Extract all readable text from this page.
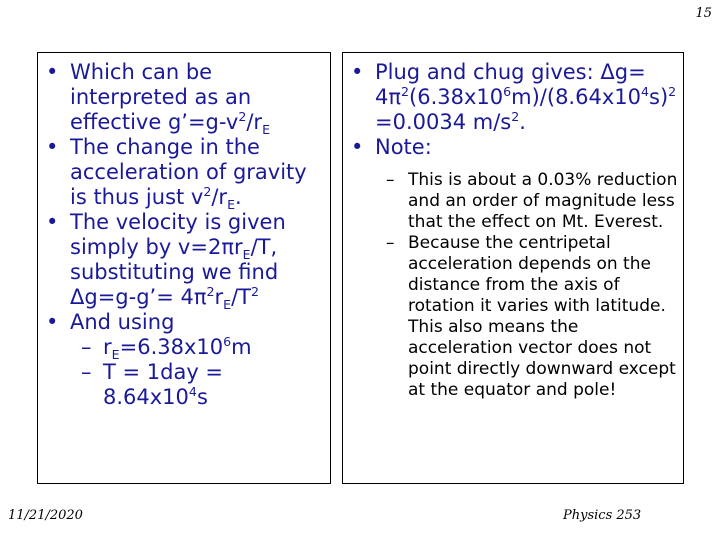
15
• Which can be interpreted as an effective $g’=g-v^2/r_E$
• The change in the acceleration of gravity is thus just $v^2/r_E$.
• The velocity is given simply by $v=2\pi r_E/T$, substituting we find Δg=g-g’= $4\pi^2r_E/T^2$
• And using
– $r_E=6.38x10^6m$
– $T = 1day = 8.64x10^4s$
• Plug and chug gives: $\Delta g= 4\pi^2(6.38x10^6m)/(8.64x10^4s)^2 =0.0034$ $m/s^2$.
• Note:
– This is about a 0.03% reduction and an order of magnitude less that the effect on Mt. Everest.
– Because the centripetal acceleration depends on the distance from the axis of rotation it varies with latitude. This also means the acceleration vector does not point directly downward except at the equator and pole!
11/21/2020	Physics 253
